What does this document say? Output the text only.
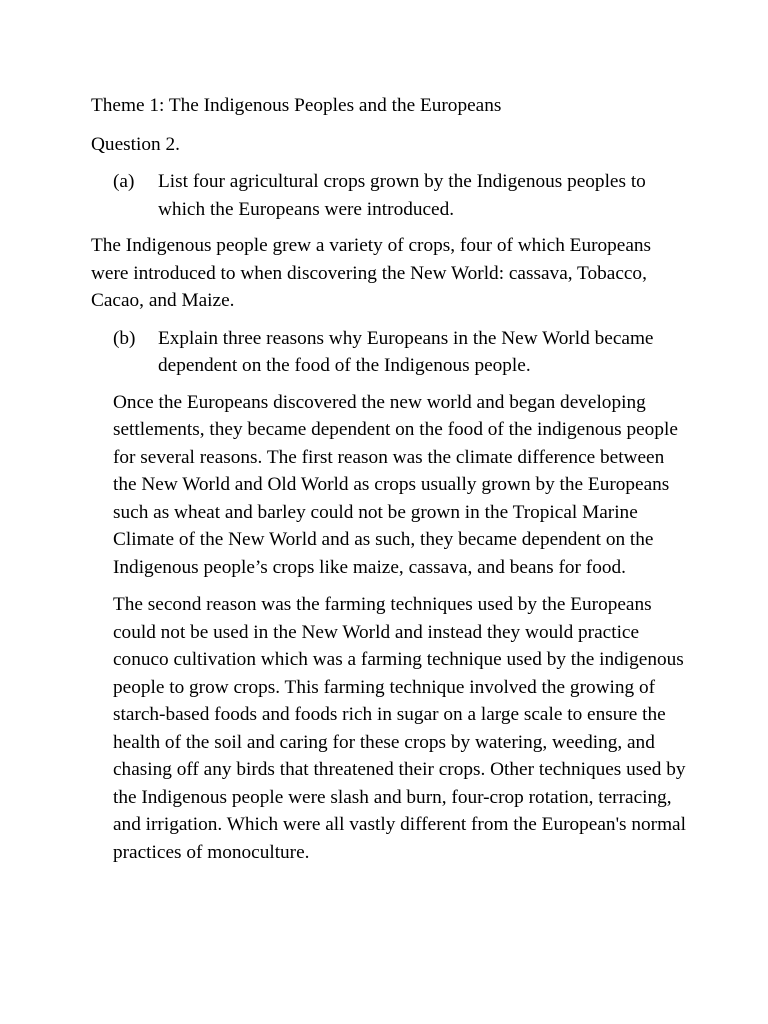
Theme 1: The Indigenous Peoples and the Europeans

Question 2.

(a)	List four agricultural crops grown by the Indigenous peoples to which the Europeans were introduced.

The Indigenous people grew a variety of crops, four of which Europeans were introduced to when discovering the New World: cassava, Tobacco, Cacao, and Maize.

(b)	Explain three reasons why Europeans in the New World became dependent on the food of the Indigenous people.

Once the Europeans discovered the new world and began developing settlements, they became dependent on the food of the indigenous people for several reasons. The first reason was the climate difference between the New World and Old World as crops usually grown by the Europeans such as wheat and barley could not be grown in the Tropical Marine Climate of the New World and as such, they became dependent on the Indigenous people’s crops like maize, cassava, and beans for food.

The second reason was the farming techniques used by the Europeans could not be used in the New World and instead they would practice conuco cultivation which was a farming technique used by the indigenous people to grow crops. This farming technique involved the growing of starch-based foods and foods rich in sugar on a large scale to ensure the health of the soil and caring for these crops by watering, weeding, and chasing off any birds that threatened their crops. Other techniques used by the Indigenous people were slash and burn, four-crop rotation, terracing, and irrigation. Which were all vastly different from the European's normal practices of monoculture.
